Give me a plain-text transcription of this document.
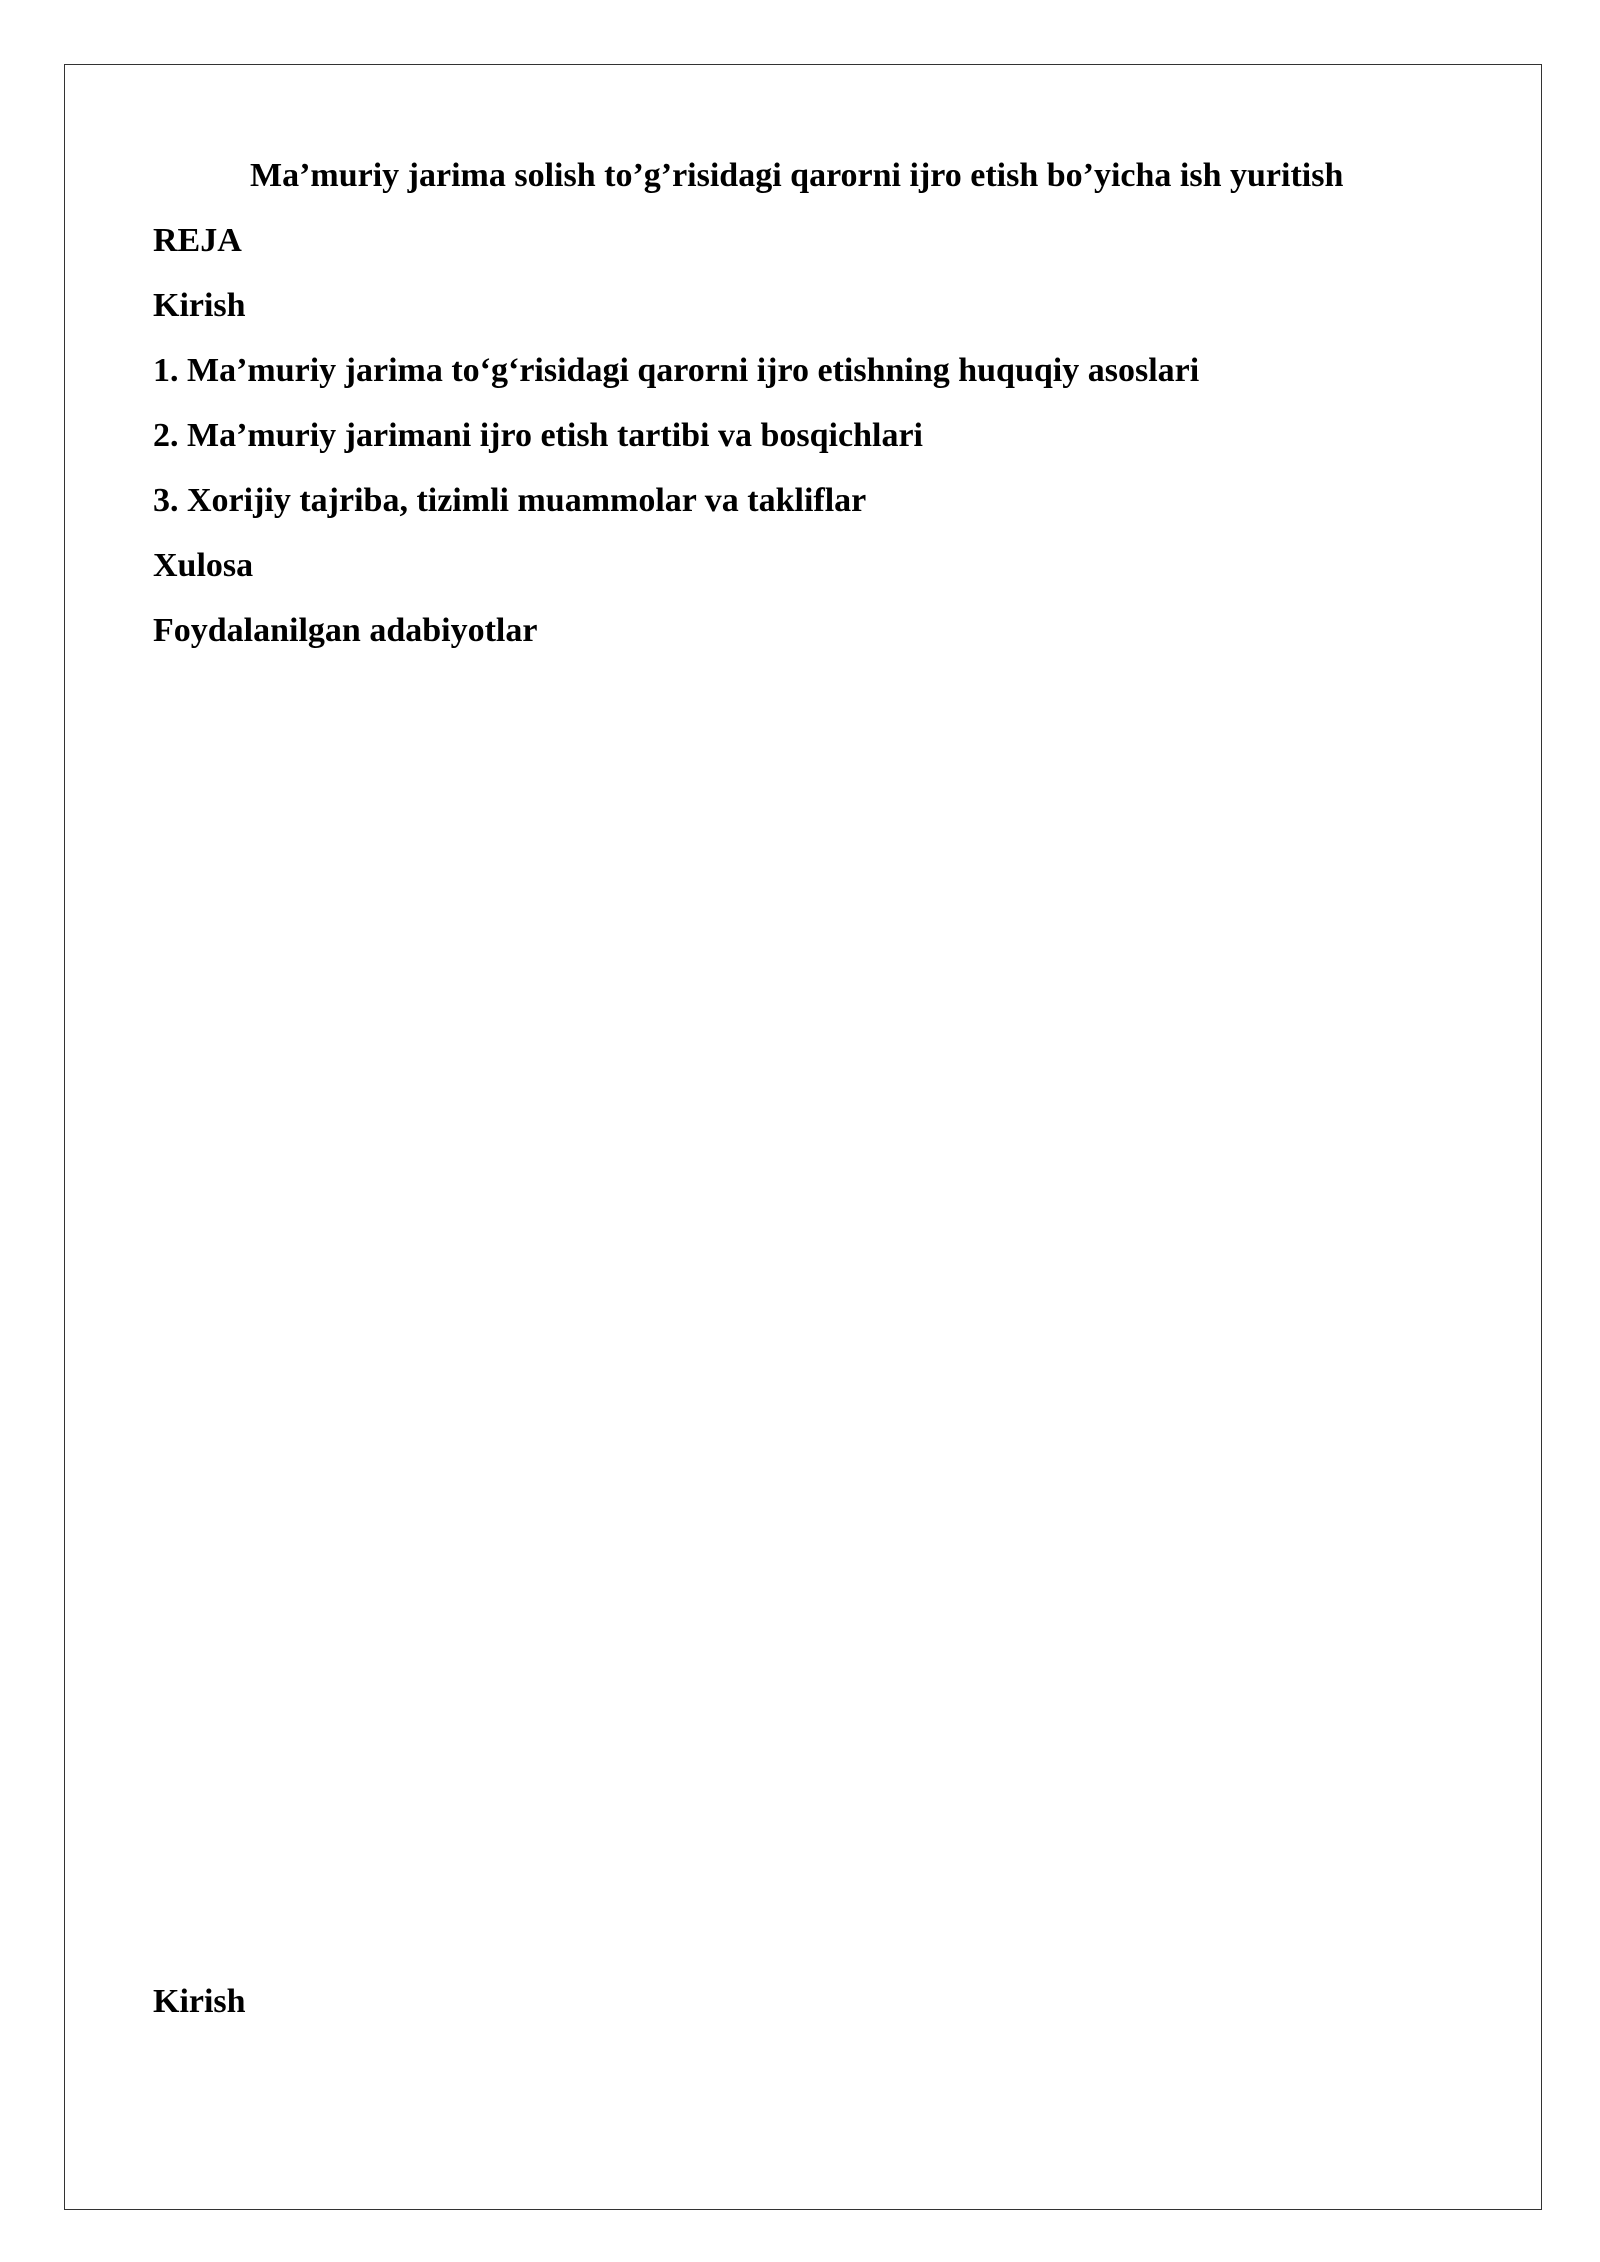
Ma’muriy jarima solish to’g’risidagi qarorni ijro etish bo’yicha ish yuritish
REJA

Kirish

1. Ma’muriy jarima to‘g‘risidagi qarorni ijro etishning huquqiy asoslari

2. Ma’muriy jarimani ijro etish tartibi va bosqichlari

3. Xorijiy tajriba, tizimli muammolar va takliflar

Xulosa

Foydalanilgan adabiyotlar

Kirish
